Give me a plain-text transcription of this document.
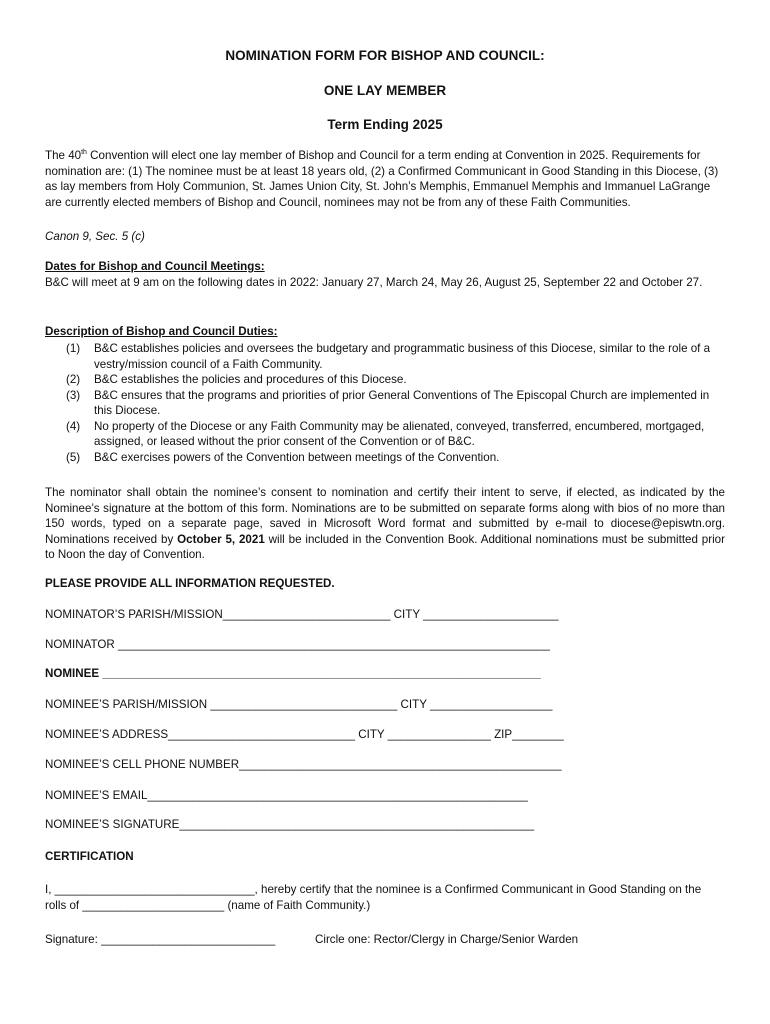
NOMINATION FORM FOR BISHOP AND COUNCIL:
ONE LAY MEMBER
Term Ending 2025
The 40th Convention will elect one lay member of Bishop and Council for a term ending at Convention in 2025. Requirements for nomination are: (1) The nominee must be at least 18 years old, (2) a Confirmed Communicant in Good Standing in this Diocese, (3) as lay members from Holy Communion, St. James Union City, St. John’s Memphis, Emmanuel Memphis and Immanuel LaGrange are currently elected members of Bishop and Council, nominees may not be from any of these Faith Communities.
Canon 9, Sec. 5 (c)
Dates for Bishop and Council Meetings:
B&C will meet at 9 am on the following dates in 2022: January 27, March 24, May 26, August 25, September 22 and October 27.
Description of Bishop and Council Duties:
(1) B&C establishes policies and oversees the budgetary and programmatic business of this Diocese, similar to the role of a vestry/mission council of a Faith Community.
(2) B&C establishes the policies and procedures of this Diocese.
(3) B&C ensures that the programs and priorities of prior General Conventions of The Episcopal Church are implemented in this Diocese.
(4) No property of the Diocese or any Faith Community may be alienated, conveyed, transferred, encumbered, mortgaged, assigned, or leased without the prior consent of the Convention or of B&C.
(5) B&C exercises powers of the Convention between meetings of the Convention.
The nominator shall obtain the nominee’s consent to nomination and certify their intent to serve, if elected, as indicated by the Nominee’s signature at the bottom of this form. Nominations are to be submitted on separate forms along with bios of no more than 150 words, typed on a separate page, saved in Microsoft Word format and submitted by e-mail to diocese@episwtn.org. Nominations received by October 5, 2021 will be included in the Convention Book. Additional nominations must be submitted prior to Noon the day of Convention.
PLEASE PROVIDE ALL INFORMATION REQUESTED.
NOMINATOR’S PARISH/MISSION__________________________ CITY _____________________
NOMINATOR ___________________________________________________________________
NOMINEE ____________________________________________________________________
NOMINEE’S PARISH/MISSION _____________________________ CITY ___________________
NOMINEE’S ADDRESS_____________________________ CITY ________________ ZIP________
NOMINEE’S CELL PHONE NUMBER__________________________________________________
NOMINEE’S EMAIL___________________________________________________________
NOMINEE’S SIGNATURE_______________________________________________________
CERTIFICATION
I, _______________________________, hereby certify that the nominee is a Confirmed Communicant in Good Standing on the rolls of ______________________ (name of Faith Community.)
Signature: ___________________________	Circle one: Rector/Clergy in Charge/Senior Warden
